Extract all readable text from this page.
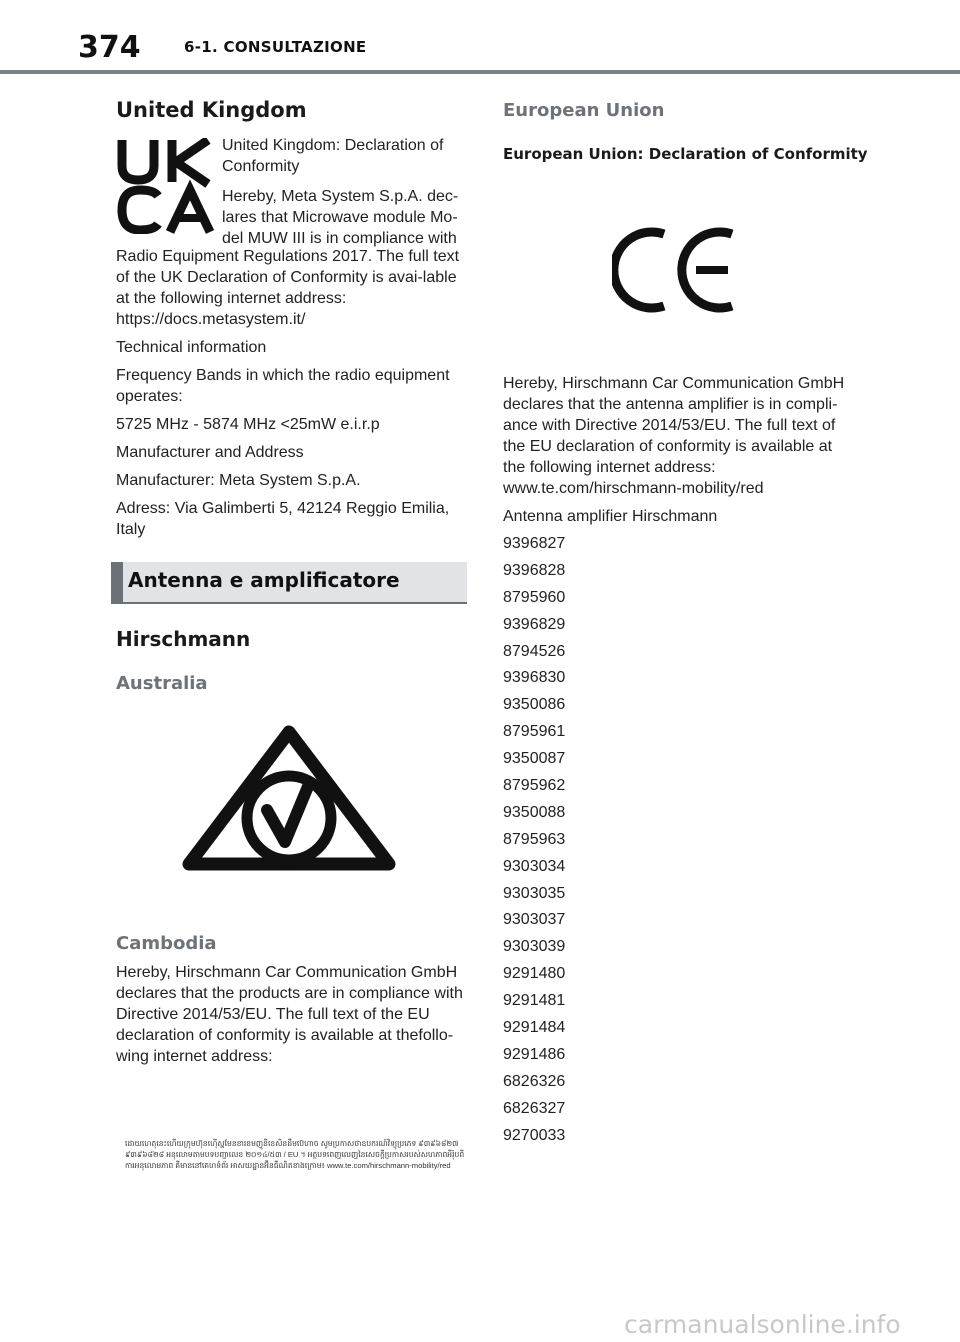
374	6-1. CONSULTAZIONE
United Kingdom

United Kingdom: Declaration of Conformity

Hereby, Meta System S.p.A. dec-lares that Microwave module Mo-del MUW III is in compliance with

Radio Equipment Regulations 2017. The full text of the UK Declaration of Conformity is avai-lable at the following internet address: https://docs.metasystem.it/

Technical information

Frequency Bands in which the radio equipment operates:

5725 MHz - 5874 MHz <25mW e.i.r.p

Manufacturer and Address

Manufacturer: Meta System S.p.A.

Adress: Via Galimberti 5, 42124 Reggio Emilia, Italy

Antenna e amplificatore
Hirschmann
Australia
Cambodia

Hereby, Hirschmann Car Communication GmbH declares that the products are in compliance with Directive 2014/53/EU. The full text of the EU declaration of conformity is available at thefollo-wing internet address:

ដោយហេតុនេះហើយក្រុមហ៊ុនហ៊ើស្ហមែនខារខមញូនីខេសិនដឹមប៊េហាច សូមប្រកាសថាឧបករណ៍វិទ្យុប្រភេទ ៩៣៩៦៨២៧ ៩៣៩៦៨២៨ អនុលោមតាមបទបញ្ជាលេខ ២០១៤/៥៣ / EU ។ អត្ថបទពេញលេញនៃសេចក្តីប្រកាសរបស់សហភាពអឺរ៉ុបពីការអនុលោមភាព គឺមាននៅគេហទំព័រ អាសយដ្ឋានអ៊ីនធឺណិតខាងក្រោម៖ www.te.com/hirschmann-mobility/red
European Union
European Union: Declaration of Conformity

Hereby, Hirschmann Car Communication GmbH declares that the antenna amplifier is in compli-ance with Directive 2014/53/EU. The full text of the EU declaration of conformity is available at the following internet address: www.te.com/hirschmann-mobility/red

Antenna amplifier Hirschmann

9396827
9396828
8795960
9396829
8794526
9396830
9350086
8795961
9350087
8795962
9350088
8795963
9303034
9303035
9303037
9303039
9291480
9291481
9291484
9291486
6826326
6826327
9270033
carmanualsonline.info
